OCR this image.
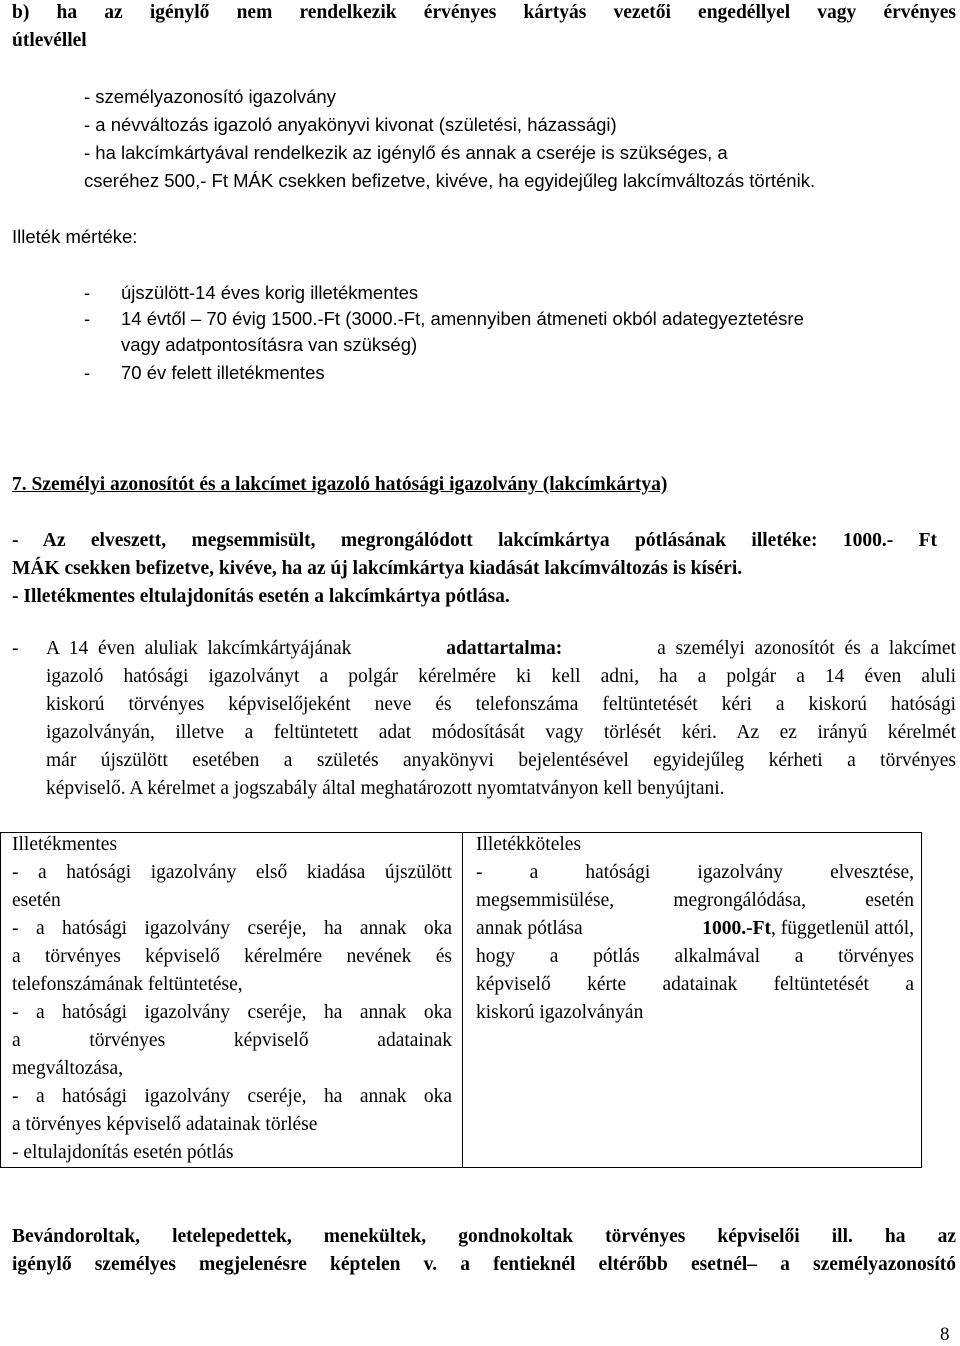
b) ha az igénylő nem rendelkezik érvényes kártyás vezetői engedéllyel vagy érvényes
útlevéllel
- személyazonosító igazolvány
- a névváltozás igazoló anyakönyvi kivonat (születési, házassági)
- ha lakcímkártyával rendelkezik az igénylő és annak a cseréje is szükséges, a
cseréhez 500,- Ft MÁK csekken befizetve, kivéve, ha egyidejűleg lakcímváltozás történik.
Illeték mértéke:
- újszülött-14 éves korig illetékmentes
- 14 évtől – 70 évig 1500.-Ft (3000.-Ft, amennyiben átmeneti okból adategyeztetésre
vagy adatpontosításra van szükség)
- 70 év felett illetékmentes
7. Személyi azonosítót és a lakcímet igazoló hatósági igazolvány (lakcímkártya)
- Az elveszett, megsemmisült, megrongálódott lakcímkártya pótlásának illetéke: 1000.- Ft
MÁK csekken befizetve, kivéve, ha az új lakcímkártya kiadását lakcímváltozás is kíséri.
- Illetékmentes eltulajdonítás esetén a lakcímkártya pótlása.
- A  14  éven  aluliak  lakcímkártyájának	adattartalma:	a  személyi  azonosítót  és  a  lakcímet
igazoló hatósági igazolványt a polgár kérelmére ki kell adni, ha a polgár a 14 éven aluli
kiskorú törvényes képviselőjeként neve és telefonszáma feltüntetését kéri a kiskorú hatósági
igazolványán, illetve a feltüntetett adat módosítását vagy törlését kéri. Az ez irányú kérelmét
már újszülött esetében a születés anyakönyvi bejelentésével egyidejűleg kérheti a törvényes
képviselő. A kérelmet a jogszabály által meghatározott nyomtatványon kell benyújtani.
Illetékmentes
- a hatósági igazolvány első kiadása újszülött
esetén
- a hatósági igazolvány cseréje, ha annak oka
a törvényes képviselő kérelmére nevének és
telefonszámának feltüntetése,
- a hatósági igazolvány cseréje, ha annak oka
a törvényes képviselő adatainak
megváltozása,
- a hatósági igazolvány cseréje, ha annak oka
a törvényes képviselő adatainak törlése
- eltulajdonítás esetén pótlás
Illetékköteles
- a hatósági igazolvány elvesztése,
megsemmisülése, megrongálódása, esetén
annak pótlása	1000.-Ft, függetlenül attól,
hogy a pótlás alkalmával a törvényes
képviselő kérte adatainak feltüntetését a
kiskorú igazolványán
Bevándoroltak, letelepedettek, menekültek, gondnokoltak törvényes képviselői ill. ha az
igénylő személyes megjelenésre képtelen v. a fentieknél eltérőbb esetnél– a személyazonosító
8
